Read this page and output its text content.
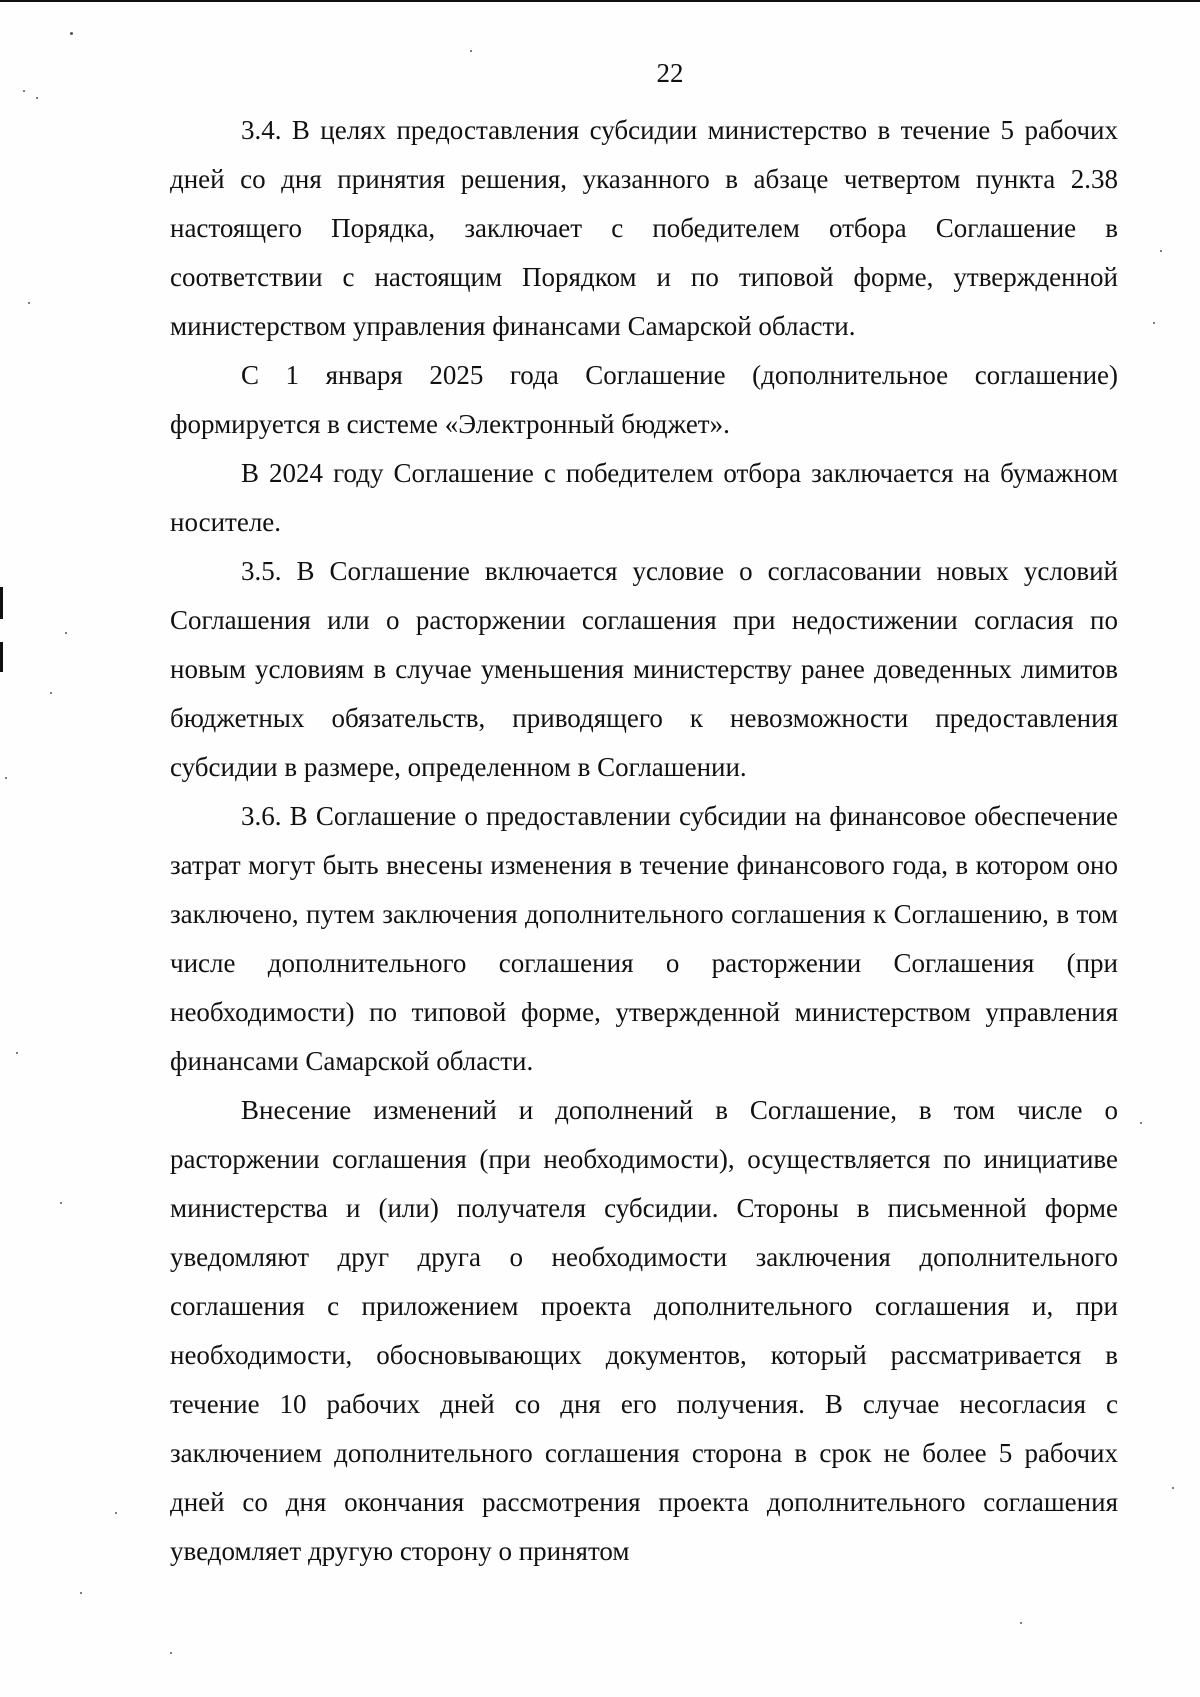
22

3.4. В целях предоставления субсидии министерство в течение 5 рабочих дней со дня принятия решения, указанного в абзаце четвертом пункта 2.38 настоящего Порядка, заключает с победителем отбора Соглашение в соответствии с настоящим Порядком и по типовой форме, утвержденной министерством управления финансами Самарской области.

С 1 января 2025 года Соглашение (дополнительное соглашение) формируется в системе «Электронный бюджет».

В 2024 году Соглашение с победителем отбора заключается на бумажном носителе.

3.5. В Соглашение включается условие о согласовании новых условий Соглашения или о расторжении соглашения при недостижении согласия по новым условиям в случае уменьшения министерству ранее доведенных лимитов бюджетных обязательств, приводящего к невозможности предоставления субсидии в размере, определенном в Соглашении.

3.6. В Соглашение о предоставлении субсидии на финансовое обеспечение затрат могут быть внесены изменения в течение финансового года, в котором оно заключено, путем заключения дополнительного соглашения к Соглашению, в том числе дополнительного соглашения о расторжении Соглашения (при необходимости) по типовой форме, утвержденной министерством управления финансами Самарской области.

Внесение изменений и дополнений в Соглашение, в том числе о расторжении соглашения (при необходимости), осуществляется по инициативе министерства и (или) получателя субсидии. Стороны в письменной форме уведомляют друг друга о необходимости заключения дополнительного соглашения с приложением проекта дополнительного соглашения и, при необходимости, обосновывающих документов, который рассматривается в течение 10 рабочих дней со дня его получения. В случае несогласия с заключением дополнительного соглашения сторона в срок не более 5 рабочих дней со дня окончания рассмотрения проекта дополнительного соглашения уведомляет другую сторону о принятом
